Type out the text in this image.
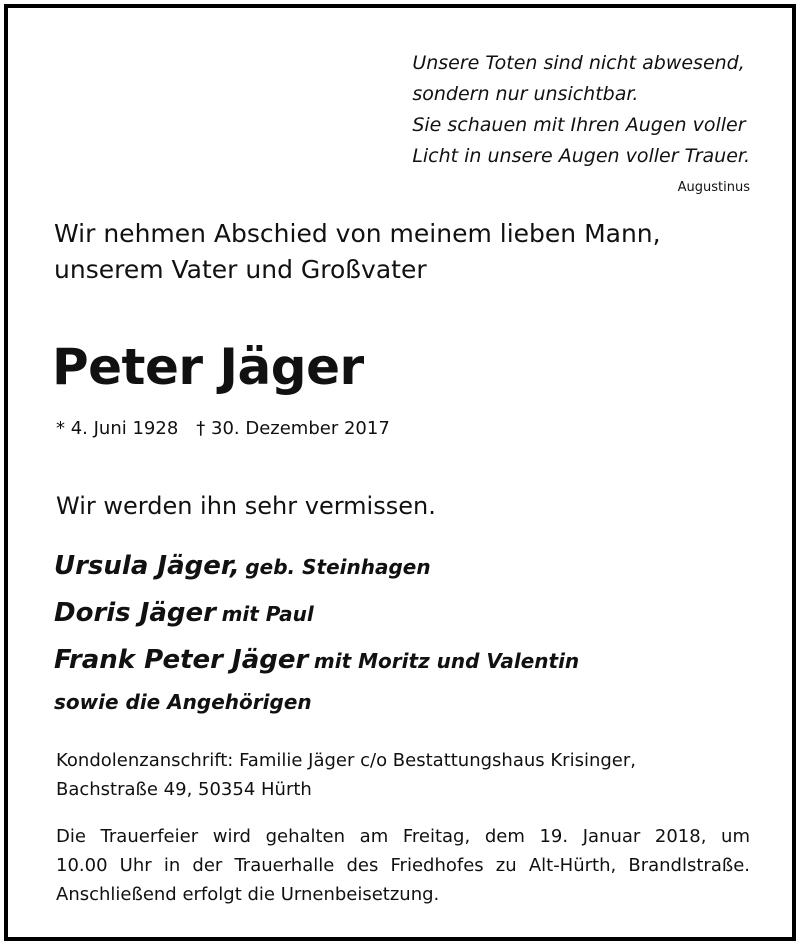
Unsere Toten sind nicht abwesend,
sondern nur unsichtbar.
Sie schauen mit Ihren Augen voller
Licht in unsere Augen voller Trauer.
Augustinus
Wir nehmen Abschied von meinem lieben Mann,
unserem Vater und Großvater
Peter Jäger
* 4. Juni 1928 † 30. Dezember 2017
Wir werden ihn sehr vermissen.
Ursula Jäger, geb. Steinhagen
Doris Jäger mit Paul
Frank Peter Jäger mit Moritz und Valentin
sowie die Angehörigen
Kondolenzanschrift: Familie Jäger c/o Bestattungshaus Krisinger,
Bachstraße 49, 50354 Hürth
Die Trauerfeier wird gehalten am Freitag, dem 19. Januar 2018, um
10.00 Uhr in der Trauerhalle des Friedhofes zu Alt-Hürth, Brandlstraße.
Anschließend erfolgt die Urnenbeisetzung.
